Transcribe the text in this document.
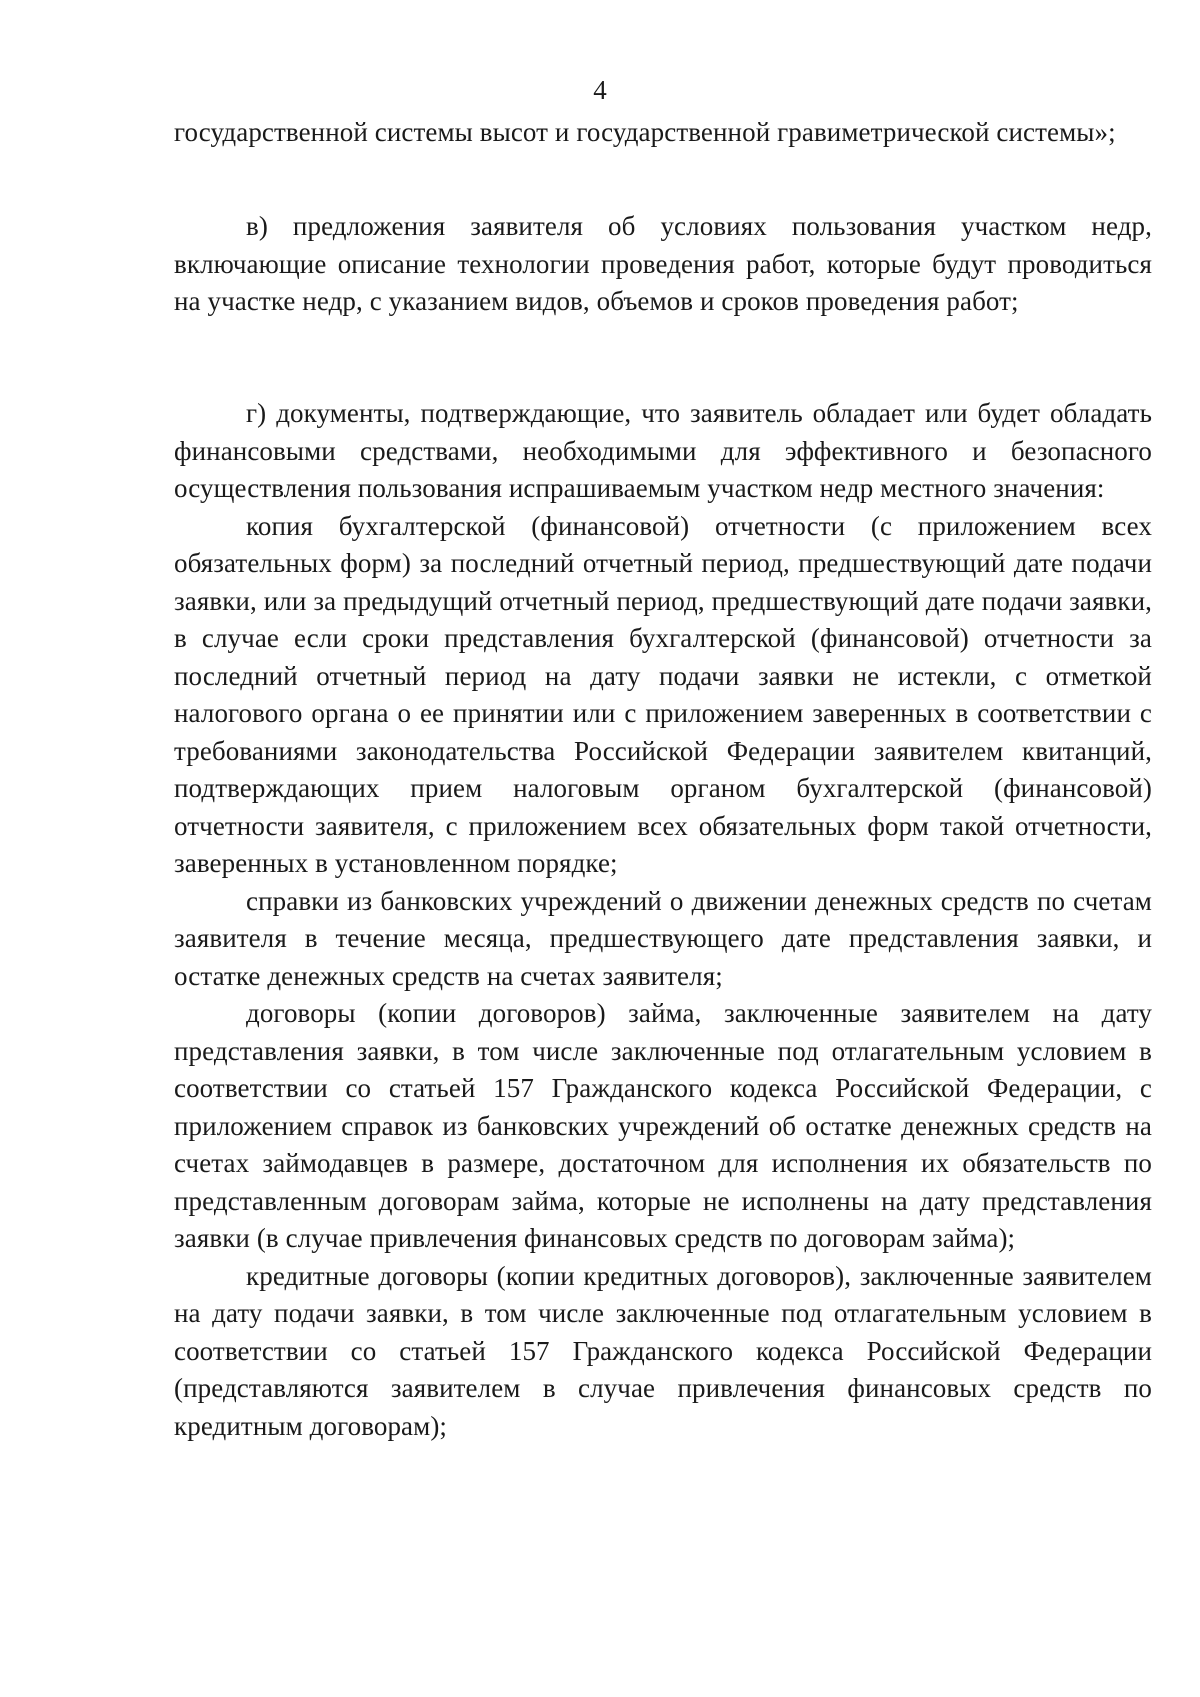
4

государственной системы высот и государственной гравиметрической системы»;

в) предложения заявителя об условиях пользования участком недр, включающие описание технологии проведения работ, которые будут проводиться на участке недр, с указанием видов, объемов и сроков проведения работ;

г) документы, подтверждающие, что заявитель обладает или будет обладать финансовыми средствами, необходимыми для эффективного и безопасного осуществления пользования испрашиваемым участком недр местного значения:

копия бухгалтерской (финансовой) отчетности (с приложением всех обязательных форм) за последний отчетный период, предшествующий дате подачи заявки, или за предыдущий отчетный период, предшествующий дате подачи заявки, в случае если сроки представления бухгалтерской (финансовой) отчетности за последний отчетный период на дату подачи заявки не истекли, с отметкой налогового органа о ее принятии или с приложением заверенных в соответствии с требованиями законодательства Российской Федерации заявителем квитанций, подтверждающих прием налоговым органом бухгалтерской (финансовой) отчетности заявителя, с приложением всех обязательных форм такой отчетности, заверенных в установленном порядке;

справки из банковских учреждений о движении денежных средств по счетам заявителя в течение месяца, предшествующего дате представления заявки, и остатке денежных средств на счетах заявителя;

договоры (копии договоров) займа, заключенные заявителем на дату представления заявки, в том числе заключенные под отлагательным условием в соответствии со статьей 157 Гражданского кодекса Российской Федерации, с приложением справок из банковских учреждений об остатке денежных средств на счетах займодавцев в размере, достаточном для исполнения их обязательств по представленным договорам займа, которые не исполнены на дату представления заявки (в случае привлечения финансовых средств по договорам займа);

кредитные договоры (копии кредитных договоров), заключенные заявителем на дату подачи заявки, в том числе заключенные под отлагательным условием в соответствии со статьей 157 Гражданского кодекса Российской Федерации (представляются заявителем в случае привлечения финансовых средств по кредитным договорам);
